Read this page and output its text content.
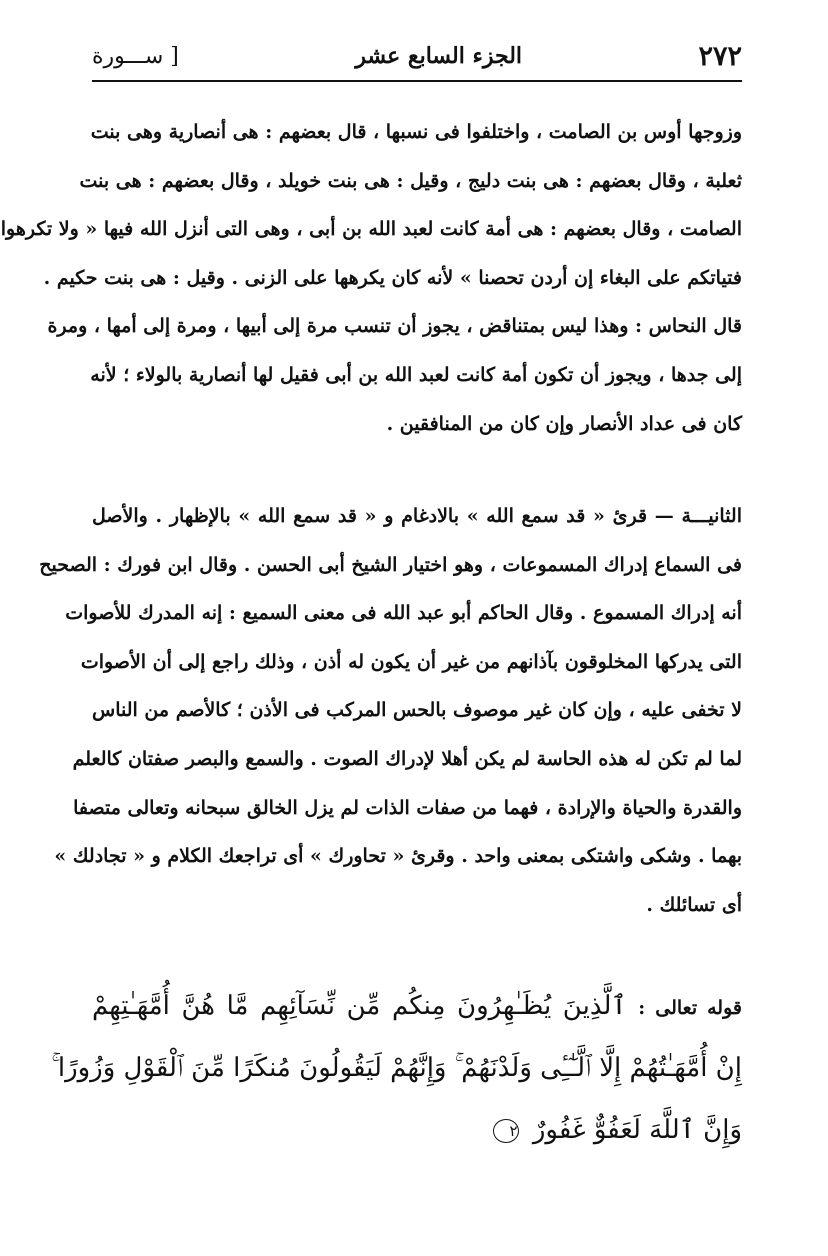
٢٧٢
الجزء السابع عشر
[ ســـورة
وزوجها أوس بن الصامت ، واختلفوا فى نسبها ، قال بعضهم : هى أنصارية وهى بنت
ثعلبة ، وقال بعضهم : هى بنت دليج ، وقيل : هى بنت خويلد ، وقال بعضهم : هى بنت
الصامت ، وقال بعضهم : هى أمة كانت لعبد الله بن أبى ، وهى التى أنزل الله فيها « ولا تكرهوا
فتياتكم على البغاء إن أردن تحصنا » لأنه كان يكرهها على الزنى . وقيل : هى بنت حكيم .
قال النحاس : وهذا ليس بمتناقض ، يجوز أن تنسب مرة إلى أبيها ، ومرة إلى أمها ، ومرة
إلى جدها ، ويجوز أن تكون أمة كانت لعبد الله بن أبى فقيل لها أنصارية بالولاء ؛ لأنه
كان فى عداد الأنصار وإن كان من المنافقين .
الثانيـــة — قرئ « قد سمع الله » بالادغام و « قد سمع الله » بالإظهار . والأصل
فى السماع إدراك المسموعات ، وهو اختيار الشيخ أبى الحسن . وقال ابن فورك : الصحيح
أنه إدراك المسموع . وقال الحاكم أبو عبد الله فى معنى السميع : إنه المدرك للأصوات
التى يدركها المخلوقون بآذانهم من غير أن يكون له أذن ، وذلك راجع إلى أن الأصوات
لا تخفى عليه ، وإن كان غير موصوف بالحس المركب فى الأذن ؛ كالأصم من الناس
لما لم تكن له هذه الحاسة لم يكن أهلا لإدراك الصوت . والسمع والبصر صفتان كالعلم
والقدرة والحياة والإرادة ، فهما من صفات الذات لم يزل الخالق سبحانه وتعالى متصفا
بهما . وشكى واشتكى بمعنى واحد . وقرئ « تحاورك » أى تراجعك الكلام و « تجادلك »
أى تسائلك .
قوله تعالى : ٱلَّذِينَ يُظَـٰهِرُونَ مِنكُم مِّن نِّسَآئِهِم مَّا هُنَّ أُمَّهَـٰتِهِمْ
إِنْ أُمَّهَـٰتُهُمْ إِلَّا ٱلَّـٰٓـِٔى وَلَدْنَهُمْ ۚ وَإِنَّهُمْ لَيَقُولُونَ مُنكَرًا مِّنَ ٱلْقَوْلِ وَزُورًا ۚ
وَإِنَّ ٱللَّهَ لَعَفُوٌّ غَفُورٌ ٢
